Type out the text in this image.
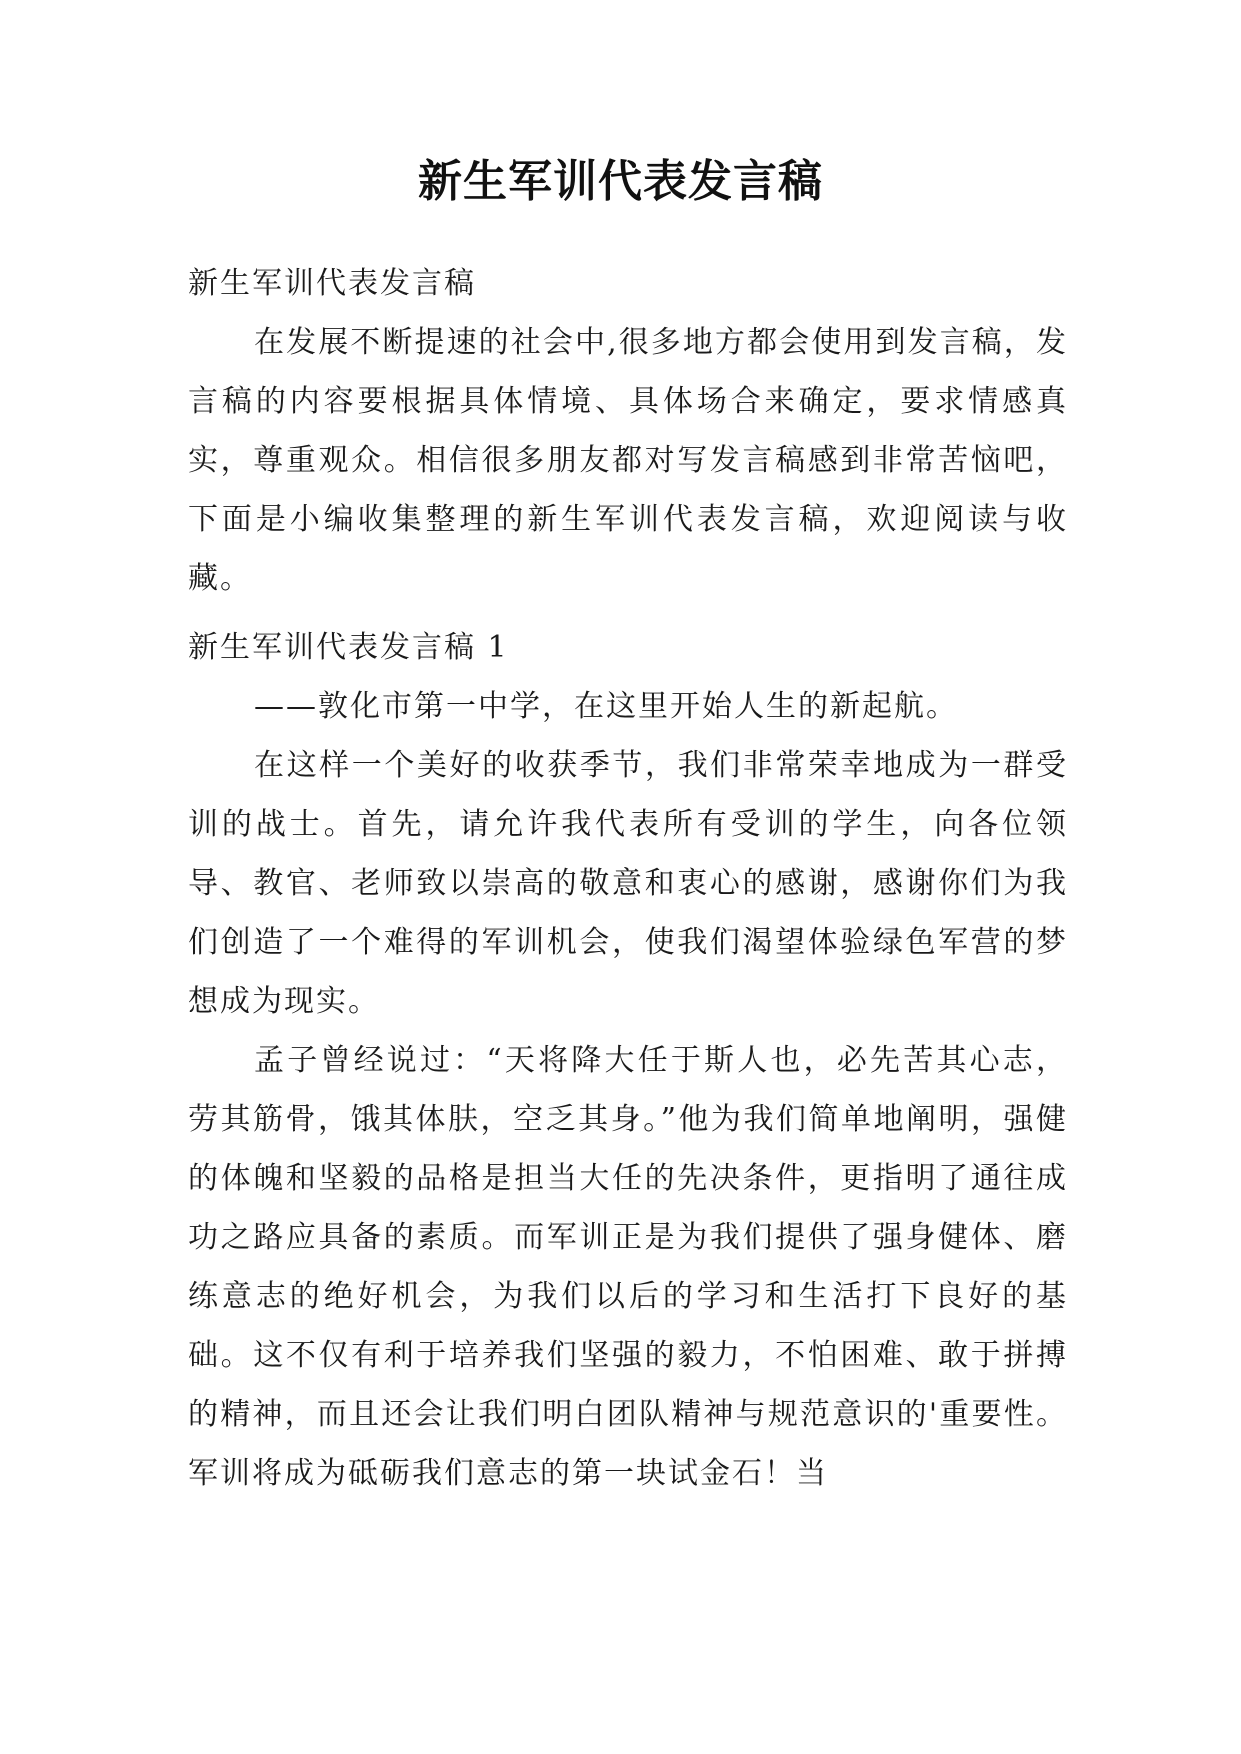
新生军训代表发言稿

新生军训代表发言稿

在发展不断提速的社会中,很多地方都会使用到发言稿，发言稿的内容要根据具体情境、具体场合来确定，要求情感真实，尊重观众。相信很多朋友都对写发言稿感到非常苦恼吧，下面是小编收集整理的新生军训代表发言稿，欢迎阅读与收藏。

新生军训代表发言稿 1

——敦化市第一中学，在这里开始人生的新起航。

在这样一个美好的收获季节，我们非常荣幸地成为一群受训的战士。首先，请允许我代表所有受训的学生，向各位领导、教官、老师致以崇高的敬意和衷心的感谢，感谢你们为我们创造了一个难得的军训机会，使我们渴望体验绿色军营的梦想成为现实。

孟子曾经说过：“天将降大任于斯人也，必先苦其心志，劳其筋骨，饿其体肤，空乏其身。”他为我们简单地阐明，强健的体魄和坚毅的品格是担当大任的先决条件，更指明了通往成功之路应具备的素质。而军训正是为我们提供了强身健体、磨练意志的绝好机会，为我们以后的学习和生活打下良好的基础。这不仅有利于培养我们坚强的毅力，不怕困难、敢于拼搏的精神，而且还会让我们明白团队精神与规范意识的'重要性。军训将成为砥砺我们意志的第一块试金石！当
